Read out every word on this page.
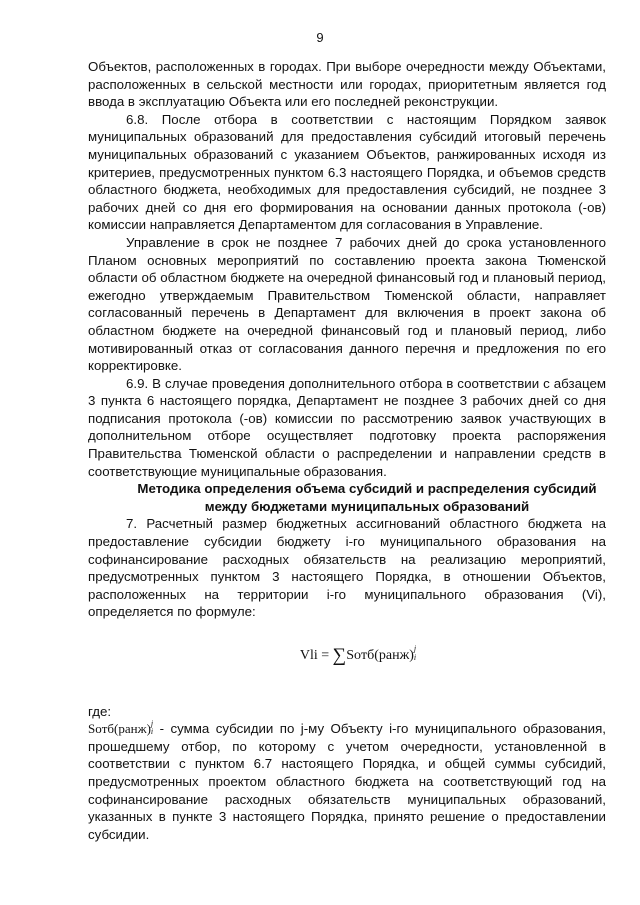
9

Объектов, расположенных в городах. При выборе очередности между Объектами, расположенных в сельской местности или городах, приоритетным является год ввода в эксплуатацию Объекта или его последней реконструкции.

6.8. После отбора в соответствии с настоящим Порядком заявок муниципальных образований для предоставления субсидий итоговый перечень муниципальных образований с указанием Объектов, ранжированных исходя из критериев, предусмотренных пунктом 6.3 настоящего Порядка, и объемов средств областного бюджета, необходимых для предоставления субсидий, не позднее 3 рабочих дней со дня его формирования на основании данных протокола (-ов) комиссии направляется Департаментом для согласования в Управление.

Управление в срок не позднее 7 рабочих дней до срока установленного Планом основных мероприятий по составлению проекта закона Тюменской области об областном бюджете на очередной финансовый год и плановый период, ежегодно утверждаемым Правительством Тюменской области, направляет согласованный перечень в Департамент для включения в проект закона об областном бюджете на очередной финансовый год и плановый период, либо мотивированный отказ от согласования данного перечня и предложения по его корректировке.

6.9. В случае проведения дополнительного отбора в соответствии с абзацем 3 пункта 6 настоящего порядка, Департамент не позднее 3 рабочих дней со дня подписания протокола (-ов) комиссии по рассмотрению заявок участвующих в дополнительном отборе осуществляет подготовку проекта распоряжения Правительства Тюменской области о распределении и направлении средств в соответствующие муниципальные образования.

Методика определения объема субсидий и распределения субсидий между бюджетами муниципальных образований

7. Расчетный размер бюджетных ассигнований областного бюджета на предоставление субсидии бюджету i-го муниципального образования на софинансирование расходных обязательств на реализацию мероприятий, предусмотренных пунктом 3 настоящего Порядка, в отношении Объектов, расположенных на территории i-го муниципального образования (Vi), определяется по формуле:

Vli = ∑Soтб(ранж) j
i

где:

Soтб(ранж) j
i - сумма субсидии по j-му Объекту i-го муниципального образования, прошедшему отбор, по которому с учетом очередности, установленной в соответствии с пунктом 6.7 настоящего Порядка, и общей суммы субсидий, предусмотренных проектом областного бюджета на соответствующий год на софинансирование расходных обязательств муниципальных образований, указанных в пункте 3 настоящего Порядка, принято решение о предоставлении субсидии.
